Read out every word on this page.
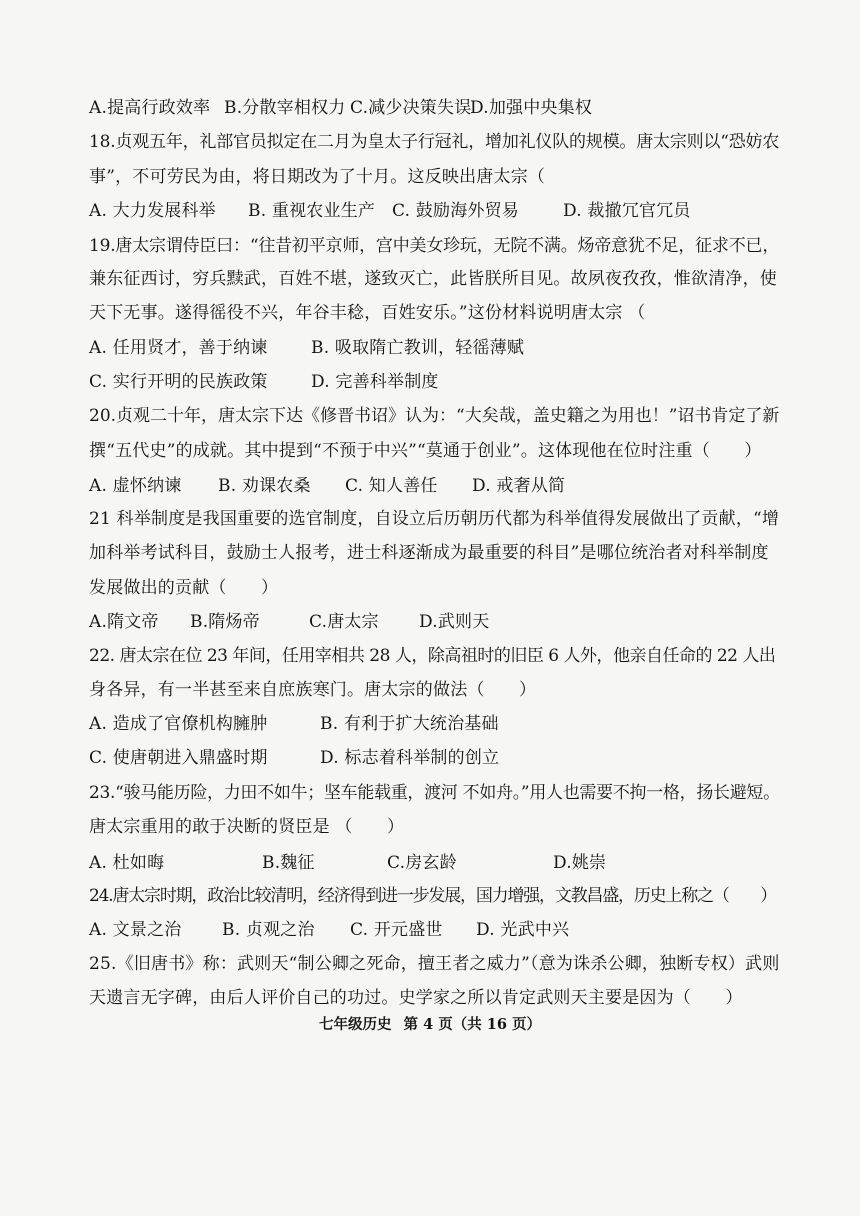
A.提高行政效率 B.分散宰相权力 C.减少决策失误
D.加强中央集权
18.贞观五年，礼部官员拟定在二月为皇太子行冠礼，增加礼仪队的规模。唐太宗则以“恐妨农
事”，不可劳民为由，将日期改为了十月。这反映出唐太宗（
A. 大力发展科举 B. 重视农业生产 C. 鼓励海外贸易	D. 裁撤冗官冗员
19.唐太宗谓侍臣曰：“往昔初平京师，宫中美女珍玩，无院不满。炀帝意犹不足，征求不已，
兼东征西讨，穷兵黩武，百姓不堪，遂致灭亡，此皆朕所目见。故夙夜孜孜，惟欲清净，使
天下无事。遂得徭役不兴，年谷丰稔，百姓安乐。”这份材料说明唐太宗 （
A. 任用贤才，善于纳谏	B. 吸取隋亡教训，轻徭薄赋
C. 实行开明的民族政策	D. 完善科举制度
20.贞观二十年，唐太宗下达《修晋书诏》认为：“大矣哉，盖史籍之为用也！”诏书肯定了新
撰“五代史”的成就。其中提到“不预于中兴”“莫通于创业”。这体现他在位时注重（　　）
A. 虚怀纳谏 B. 劝课农桑 C. 知人善任 D. 戒奢从简
21 科举制度是我国重要的选官制度，自设立后历朝历代都为科举值得发展做出了贡献，“增
加科举考试科目，鼓励士人报考，进士科逐渐成为最重要的科目”是哪位统治者对科举制度
发展做出的贡献（　　）
A.隋文帝 B.隋炀帝	C.唐太宗 D.武则天
22. 唐太宗在位 23 年间，任用宰相共 28 人，除高祖时的旧臣 6 人外，他亲自任命的 22 人出
身各异，有一半甚至来自庶族寒门。唐太宗的做法（　　）
A. 造成了官僚机构臃肿	B. 有利于扩大统治基础
C. 使唐朝进入鼎盛时期	D. 标志着科举制的创立
23.“骏马能历险，力田不如牛；坚车能载重，渡河 不如舟。”用人也需要不拘一格，扬长避短。
唐太宗重用的敢于决断的贤臣是 （　　）
A. 杜如晦	B.魏征	C.房玄龄	D.姚崇
24.唐太宗时期，政治比较清明，经济得到进一步发展，国力增强，文教昌盛，历史上称之（　　）
A. 文景之治 B. 贞观之治 C. 开元盛世 D. 光武中兴
25.《旧唐书》称：武则天“制公卿之死命，擅王者之威力”（意为诛杀公卿，独断专权）武则
天遗言无字碑，由后人评价自己的功过。史学家之所以肯定武则天主要是因为（　　）
七年级历史 第 4 页（共 16 页）
